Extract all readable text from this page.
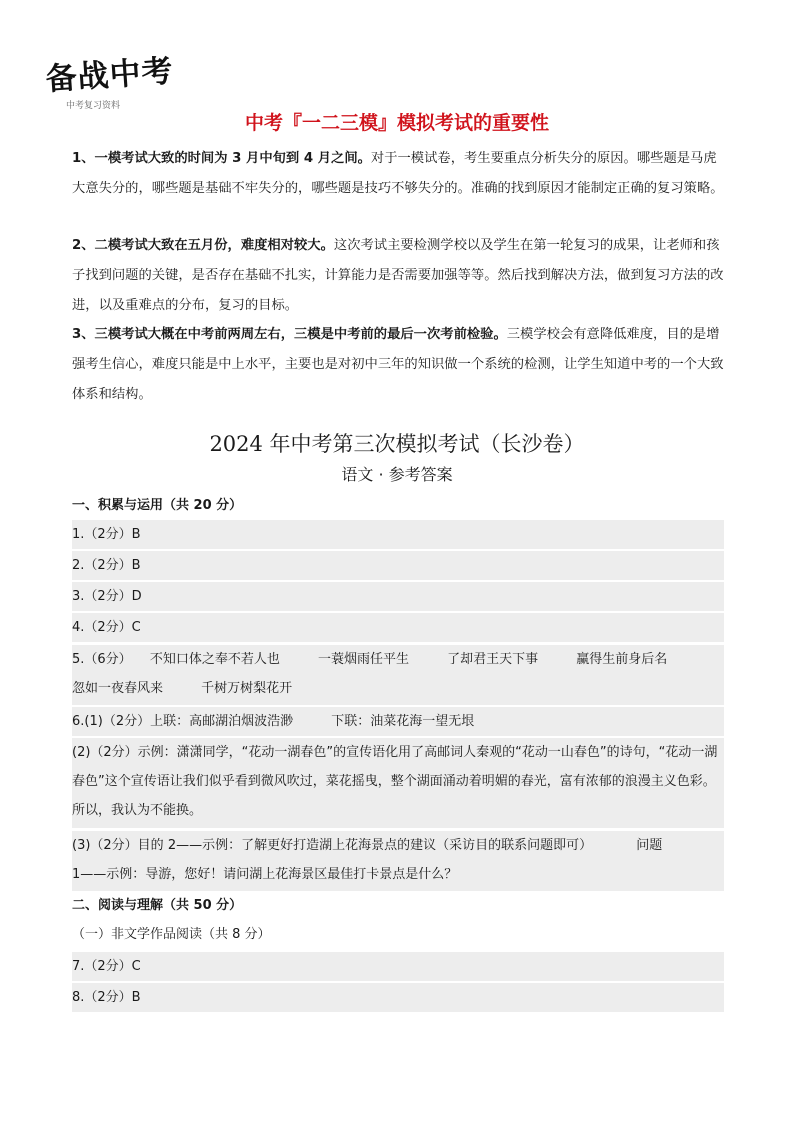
备战中考
中考复习资料
中考『一二三模』模拟考试的重要性
1、一模考试大致的时间为 3 月中旬到 4 月之间。对于一模试卷，考生要重点分析失分的原因。哪些题是马虎大意失分的，哪些题是基础不牢失分的，哪些题是技巧不够失分的。准确的找到原因才能制定正确的复习策略。
2、二模考试大致在五月份，难度相对较大。这次考试主要检测学校以及学生在第一轮复习的成果，让老师和孩子找到问题的关键，是否存在基础不扎实，计算能力是否需要加强等等。然后找到解决方法，做到复习方法的改进，以及重难点的分布，复习的目标。
3、三模考试大概在中考前两周左右，三模是中考前的最后一次考前检验。三模学校会有意降低难度，目的是增强考生信心，难度只能是中上水平，主要也是对初中三年的知识做一个系统的检测，让学生知道中考的一个大致体系和结构。
2024 年中考第三次模拟考试（长沙卷）
语文 · 参考答案
一、积累与运用（共 20 分）
1.（2分）B
2.（2分）B
3.（2分）D
4.（2分）C
5.（6分） 不知口体之奉不若人也	一蓑烟雨任平生	了却君王天下事	赢得生前身后名
忽如一夜春风来	千树万树梨花开
6.(1)（2分）上联：高邮湖泊烟波浩渺	下联：油菜花海一望无垠
(2)（2分）示例：潇潇同学，“花动一湖春色”的宣传语化用了高邮词人秦观的“花动一山春色”的诗句，“花动一湖春色”这个宣传语让我们似乎看到微风吹过，菜花摇曳，整个湖面涌动着明媚的春光，富有浓郁的浪漫主义色彩。所以，我认为不能换。
(3)（2分）目的 2——示例：了解更好打造湖上花海景点的建议（采访目的联系问题即可）	问题
1——示例：导游，您好！请问湖上花海景区最佳打卡景点是什么？
二、阅读与理解（共 50 分）
（一）非文学作品阅读（共 8 分）
7.（2分）C
8.（2分）B
